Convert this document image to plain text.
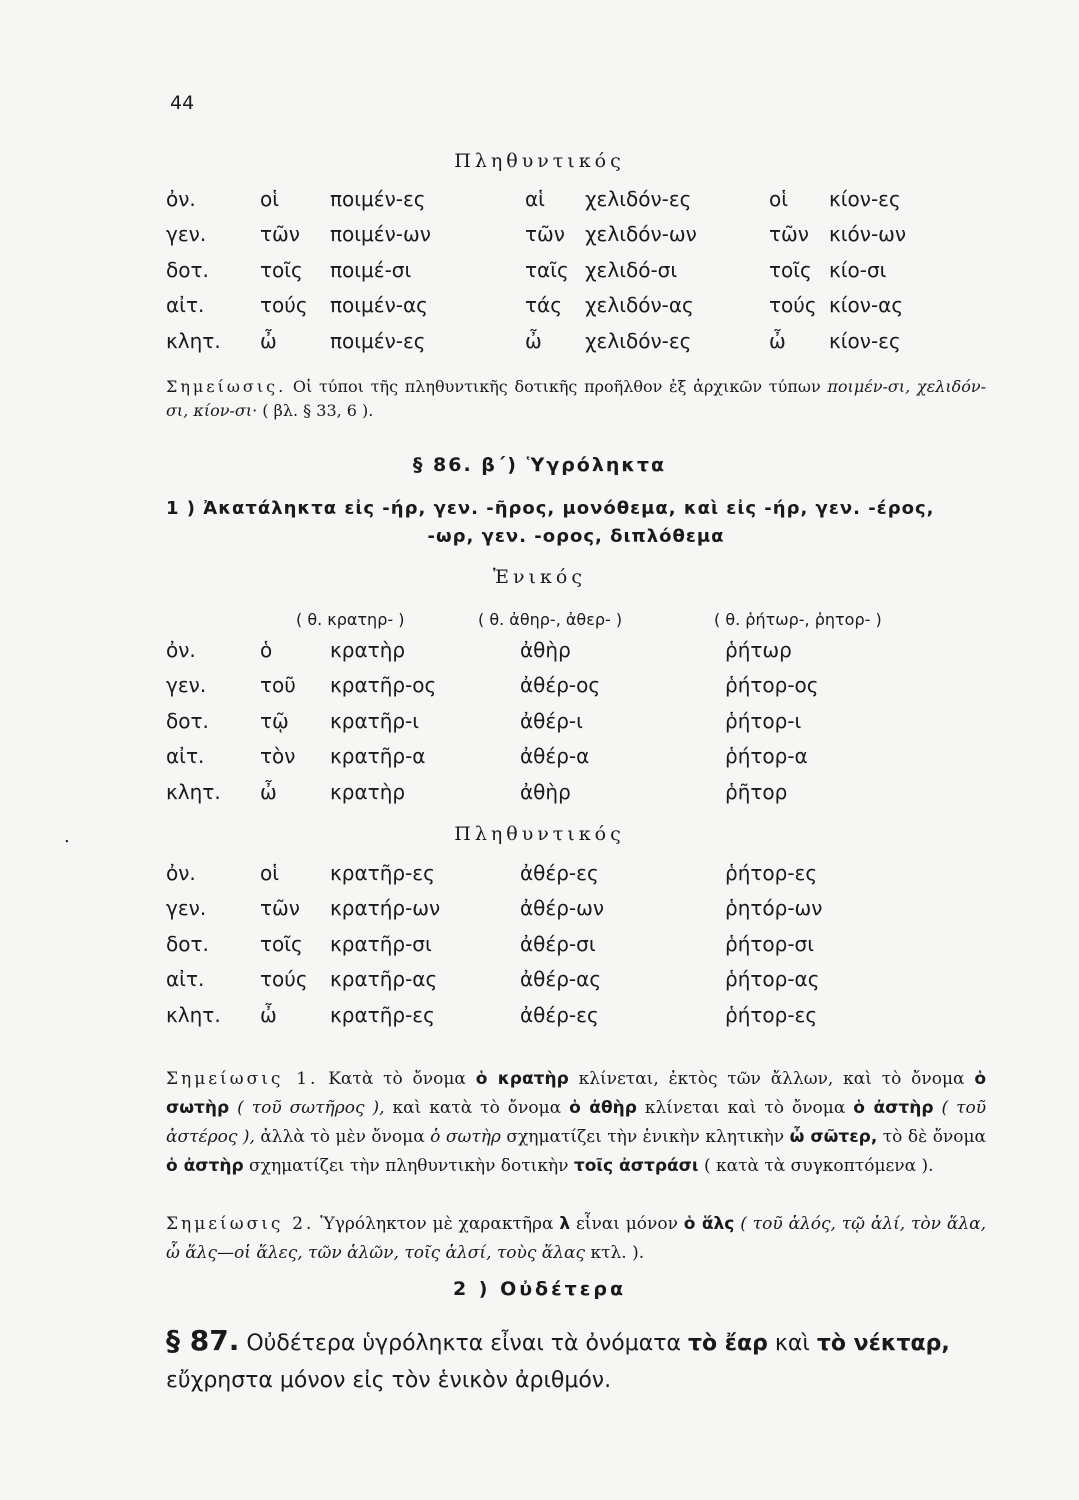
44
Πληθυντικός
ὀν.	οἱ	ποιμέν-ες	αἱ	χελιδόν-ες	οἱ	κίον-ες
γεν.	τῶν	ποιμέν-ων	τῶν	χελιδόν-ων	τῶν	κιόν-ων
δοτ.	τοῖς	ποιμέ-σι	ταῖς	χελιδό-σι	τοῖς	κίο-σι
αἰτ.	τούς	ποιμέν-ας	τάς	χελιδόν-ας	τούς	κίον-ας
κλητ.	ὦ	ποιμέν-ες	ὦ	χελιδόν-ες	ὦ	κίον-ες
Σημείωσις. Οἱ τύποι τῆς πληθυντικῆς δοτικῆς προῆλθον ἐξ ἀρχικῶν τύπων ποιμέν-σι, χελιδόν-σι, κίον-σι· ( βλ. § 33, 6 ).
§ 86. β΄) Ὑγρόληκτα
1 ) Ἀκατάληκτα εἰς -ήρ, γεν. -ῆρος, μονόθεμα, καὶ εἰς -ήρ, γεν. -έρος,
-ωρ, γεν. -ορος, διπλόθεμα
Ἑνικός
( θ. κρατηρ- )	( θ. ἀθηρ-, ἀθερ- )	( θ. ῥήτωρ-, ῥητορ- )
ὀν.	ὁ	κρατὴρ	ἀθὴρ	ῥήτωρ
γεν.	τοῦ	κρατῆρ-ος	ἀθέρ-ος	ῥήτορ-ος
δοτ.	τῷ	κρατῆρ-ι	ἀθέρ-ι	ῥήτορ-ι
αἰτ.	τὸν	κρατῆρ-α	ἀθέρ-α	ῥήτορ-α
κλητ.	ὦ	κρατὴρ	ἀθὴρ	ῥῆτορ
.	Πληθυντικός
ὀν.	οἱ	κρατῆρ-ες	ἀθέρ-ες	ῥήτορ-ες
γεν.	τῶν	κρατήρ-ων	ἀθέρ-ων	ῥητόρ-ων
δοτ.	τοῖς	κρατῆρ-σι	ἀθέρ-σι	ῥήτορ-σι
αἰτ.	τούς	κρατῆρ-ας	ἀθέρ-ας	ῥήτορ-ας
κλητ.	ὦ	κρατῆρ-ες	ἀθέρ-ες	ῥήτορ-ες
Σημείωσις 1. Κατὰ τὸ ὄνομα ὁ κρατὴρ κλίνεται, ἐκτὸς τῶν ἄλλων, καὶ τὸ ὄνομα ὁ σωτὴρ ( τοῦ σωτῆρος ), καὶ κατὰ τὸ ὄνομα ὁ ἀθὴρ κλίνεται καὶ τὸ ὄνομα ὁ ἀστὴρ ( τοῦ ἀστέρος ), ἀλλὰ τὸ μὲν ὄνομα ὁ σωτὴρ σχηματίζει τὴν ἑνικὴν κλητικὴν ὦ σῶτερ, τὸ δὲ ὄνομα ὁ ἀστὴρ σχηματίζει τὴν πληθυντικὴν δοτικὴν τοῖς ἀστράσι ( κατὰ τὰ συγκοπτόμενα ).
Σημείωσις 2. Ὑγρόληκτον μὲ χαρακτῆρα λ εἶναι μόνον ὁ ἅλς ( τοῦ ἁλός, τῷ ἁλί, τὸν ἅλα, ὦ ἅλς—οἱ ἅλες, τῶν ἁλῶν, τοῖς ἁλσί, τοὺς ἅλας κτλ. ).
2 ) Οὐδέτερα
§ 87. Οὐδέτερα ὑγρόληκτα εἶναι τὰ ὀνόματα τὸ ἔαρ καὶ τὸ νέκταρ, εὔχρηστα μόνον εἰς τὸν ἑνικὸν ἀριθμόν.
